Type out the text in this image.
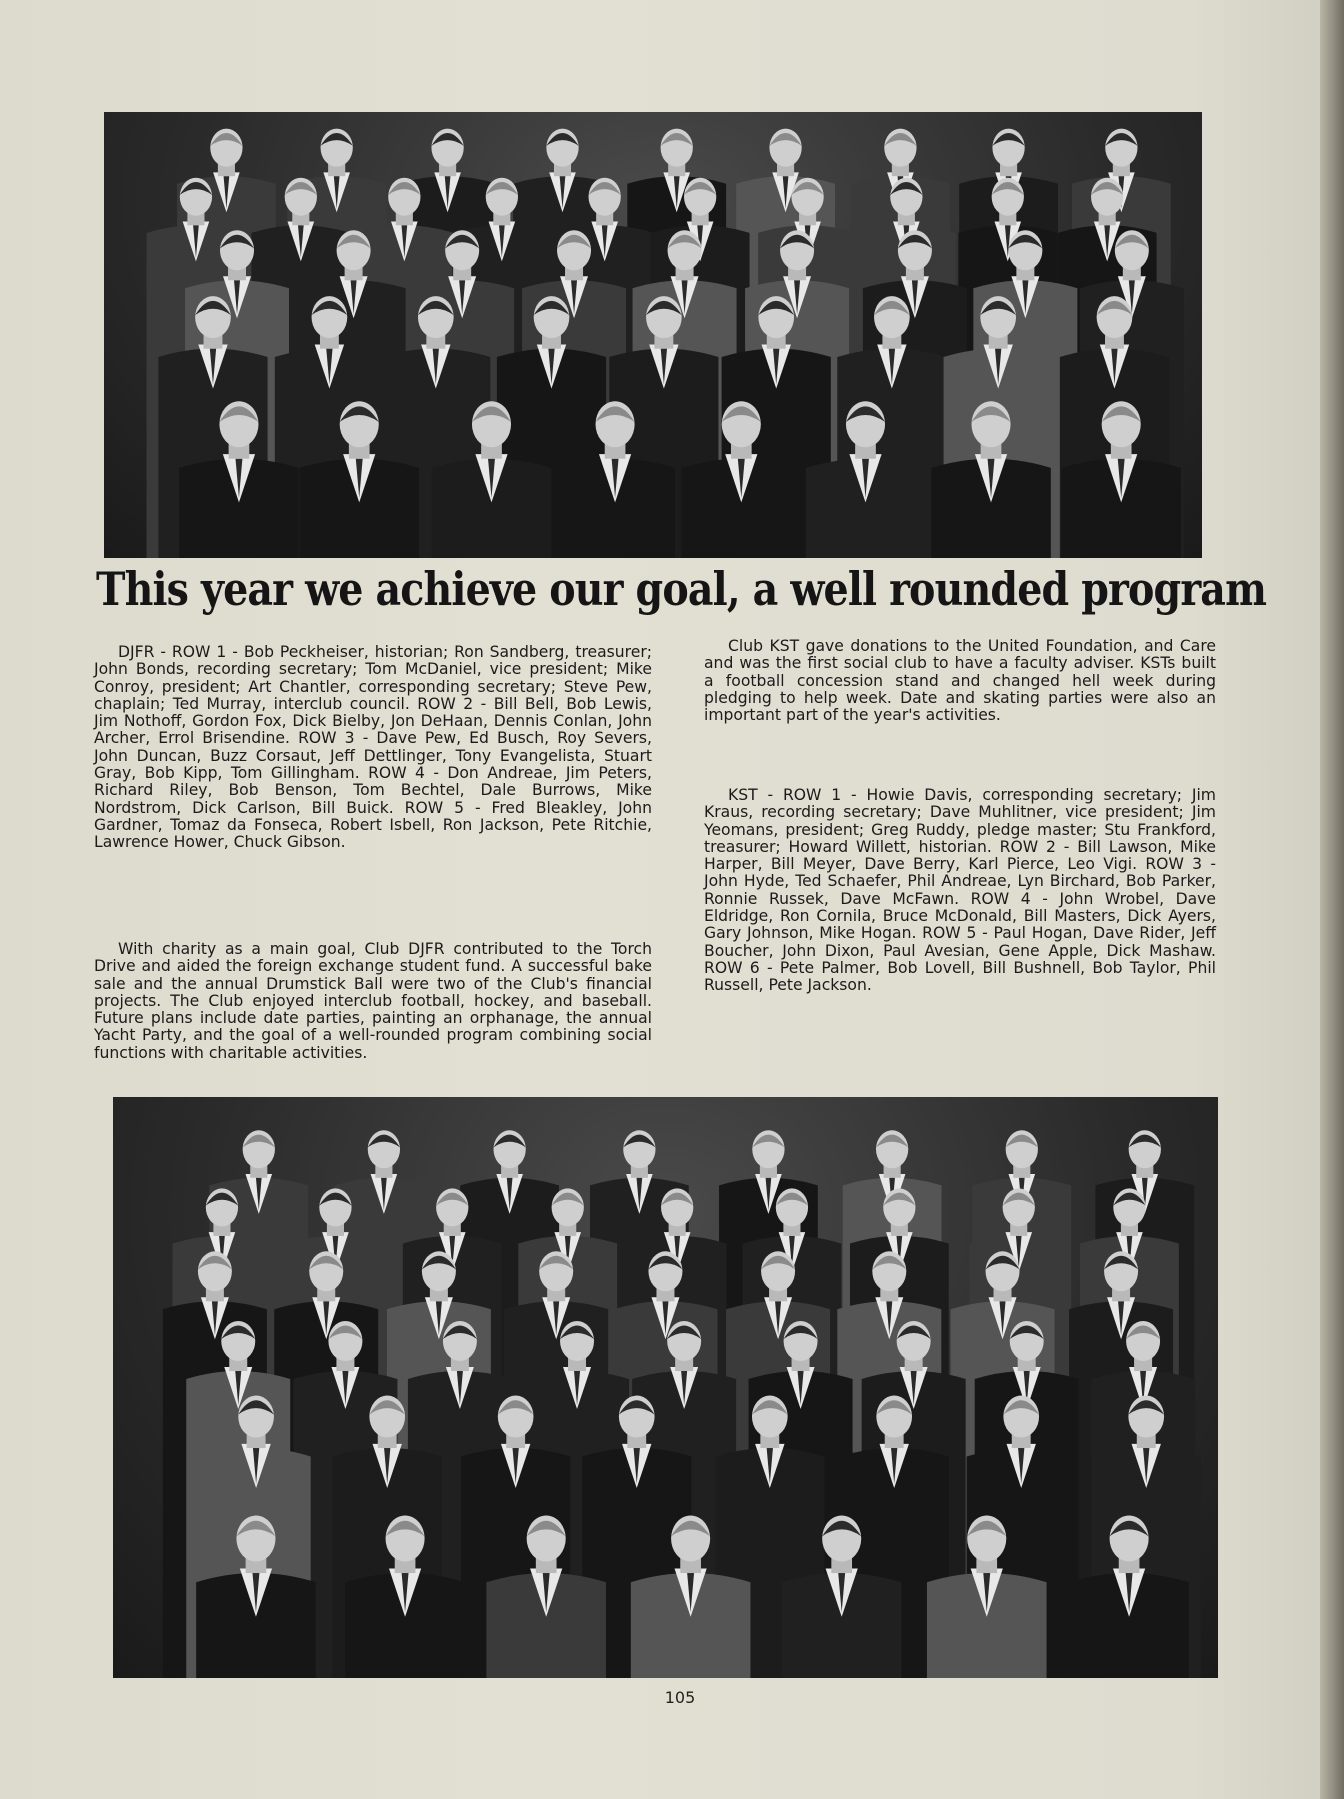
This year we achieve our goal, a well rounded program

DJFR - ROW 1 - Bob Peckheiser, historian; Ron Sandberg, treasurer; John Bonds, recording secretary; Tom McDaniel, vice president; Mike Conroy, president; Art Chantler, corresponding secretary; Steve Pew, chaplain; Ted Murray, interclub council. ROW 2 - Bill Bell, Bob Lewis, Jim Nothoff, Gordon Fox, Dick Bielby, Jon DeHaan, Dennis Conlan, John Archer, Errol Brisendine. ROW 3 - Dave Pew, Ed Busch, Roy Severs, John Duncan, Buzz Corsaut, Jeff Dettlinger, Tony Evangelista, Stuart Gray, Bob Kipp, Tom Gillingham. ROW 4 - Don Andreae, Jim Peters, Richard Riley, Bob Benson, Tom Bechtel, Dale Burrows, Mike Nordstrom, Dick Carlson, Bill Buick. ROW 5 - Fred Bleakley, John Gardner, Tomaz da Fonseca, Robert Isbell, Ron Jackson, Pete Ritchie, Lawrence Hower, Chuck Gibson.

With charity as a main goal, Club DJFR contributed to the Torch Drive and aided the foreign exchange student fund. A successful bake sale and the annual Drumstick Ball were two of the Club's financial projects. The Club enjoyed interclub football, hockey, and baseball. Future plans include date parties, painting an orphanage, the annual Yacht Party, and the goal of a well-rounded program combining social functions with charitable activities.

Club KST gave donations to the United Foundation, and Care and was the first social club to have a faculty adviser. KSTs built a football concession stand and changed hell week during pledging to help week. Date and skating parties were also an important part of the year's activities.

KST - ROW 1 - Howie Davis, corresponding secretary; Jim Kraus, recording secretary; Dave Muhlitner, vice president; Jim Yeomans, president; Greg Ruddy, pledge master; Stu Frankford, treasurer; Howard Willett, historian. ROW 2 - Bill Lawson, Mike Harper, Bill Meyer, Dave Berry, Karl Pierce, Leo Vigi. ROW 3 - John Hyde, Ted Schaefer, Phil Andreae, Lyn Birchard, Bob Parker, Ronnie Russek, Dave McFawn. ROW 4 - John Wrobel, Dave Eldridge, Ron Cornila, Bruce McDonald, Bill Masters, Dick Ayers, Gary Johnson, Mike Hogan. ROW 5 - Paul Hogan, Dave Rider, Jeff Boucher, John Dixon, Paul Avesian, Gene Apple, Dick Mashaw. ROW 6 - Pete Palmer, Bob Lovell, Bill Bushnell, Bob Taylor, Phil Russell, Pete Jackson.

105
